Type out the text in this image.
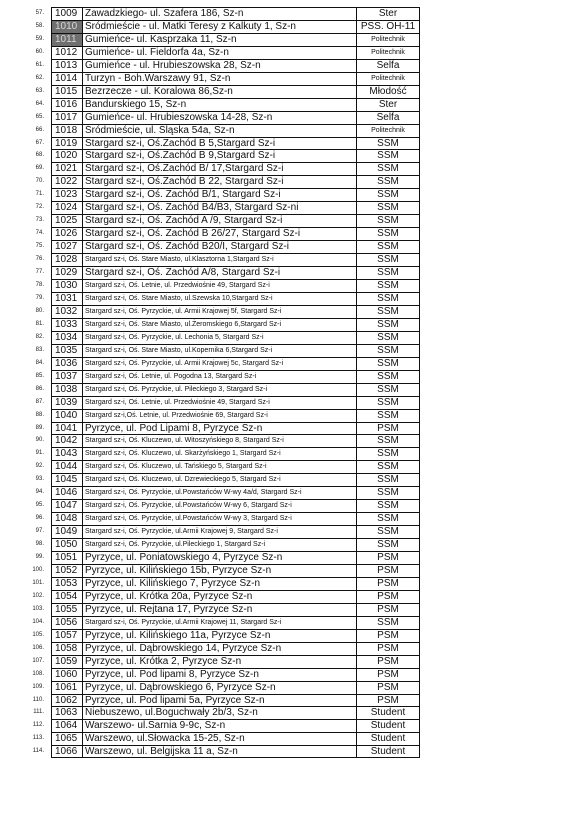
57.	1009 Zawadzkiego- ul. Szafera 186, Sz-n	Ster
58.	1010 Śródmieście - ul. Matki Teresy z Kalkuty 1, Sz-n	PSS. OH-11
59.	1011 Gumieńce- ul. Kasprzaka 11, Sz-n	Politechnik
60.	1012 Gumieńce- ul. Fieldorfa 4a, Sz-n	Politechnik
61.	1013 Gumieńce - ul. Hrubieszowska 28, Sz-n	Selfa
62.	1014 Turzyn - Boh.Warszawy 91, Sz-n	Politechnik
63.	1015 Bezrzecze - ul. Koralowa 86,Sz-n	Młodość
64.	1016 Bandurskiego 15, Sz-n	Ster
65.	1017 Gumieńce- ul. Hrubieszowska 14-28, Sz-n	Selfa
66.	1018 Śródmieście, ul. Śląska 54a, Sz-n	Politechnik
67.	1019 Stargard sz-i, Oś.Zachód B 5,Stargard Sz-i	SSM
68.	1020 Stargard sz-i, Oś.Zachód B 9,Stargard Sz-i	SSM
69.	1021 Stargard sz-i, Oś.Zachód B/ 17,Stargard Sz-i	SSM
70.	1022 Stargard sz-i, Oś.Zachód B 22, Stargard Sz-i	SSM
71.	1023 Stargard sz-i, Oś. Zachód B/1, Stargard Sz-i	SSM
72.	1024 Stargard sz-i, Oś. Zachód B4/B3, Stargard Sz-ni	SSM
73.	1025 Stargard sz-i, Oś. Zachód A /9, Stargard Sz-i	SSM
74.	1026 Stargard sz-i, Oś. Zachód B 26/27, Stargard Sz-i	SSM
75.	1027 Stargard sz-i, Oś. Zachód B20/I, Stargard Sz-i	SSM
76.	1028	Stargard sz-i, Oś. Stare Miasto, ul.Klasztorna 1,Stargard Sz-i	SSM
77.	1029 Stargard sz-i, Oś. Zachód A/8, Stargard Sz-i	SSM
78.	1030	Stargard sz-i, Oś. Letnie, ul. Przedwiośnie 49, Stargard Sz-i	SSM
79.	1031	Stargard sz-i, Oś. Stare Miasto, ul.Szewska 10,Stargard Sz-i	SSM
80.	1032	Stargard sz-i, Oś. Pyrzyckie, ul. Armii Krajowej 5f, Stargard Sz-i	SSM
81.	1033	Stargard sz-i, Oś. Stare Miasto, ul.Żeromskiego 6,Stargard Sz-i	SSM
82.	1034	Stargard sz-i, Oś. Pyrzyckie, ul. Lechonia 5, Stargard Sz-i	SSM
83.	1035	Stargard sz-i, Oś. Stare Miasto, ul.Kopernika 6,Stargard Sz-i	SSM
84.	1036	Stargard sz-i, Oś. Pyrzyckie, ul. Armii Krajowej 5c, Stargard Sz-i	SSM
85.	1037	Stargard sz-i, Oś. Letnie, ul. Pogodna 13, Stargard Sz-i	SSM
86.	1038	Stargard sz-i, Oś. Pyrzyckie, ul. Pileckiego 3, Stargard Sz-i	SSM
87.	1039	Stargard sz-i, Oś. Letnie, ul. Przedwiośnie 49, Stargard Sz-i	SSM
88.	1040	Stargard sz-i,Oś. Letnie, ul. Przedwiośnie 69, Stargard Sz-i	SSM
89.	1041 Pyrzyce, ul. Pod Lipami 8, Pyrzyce Sz-n	PSM
90.	1042	Stargard sz-i, Oś. Kluczewo, ul. Witoszyńskiego 8, Stargard Sz-i	SSM
91.	1043	Stargard sz-i, Oś. Kluczewo, ul. Skarżyńskiego 1, Stargard Sz-i	SSM
92.	1044	Stargard sz-i, Oś. Kluczewo, ul. Tańskiego 5, Stargard Sz-i	SSM
93.	1045	Stargard sz-i, Oś. Kluczewo, ul. Dzrewieckiego 5, Stargard Sz-i	SSM
94.	1046	Stargard sz-i, Oś. Pyrzyckie, ul.Powstańców W-wy 4a/d, Stargard Sz-i	SSM
95.	1047	Stargard sz-i, Oś. Pyrzyckie, ul.Powstańców W-wy 6, Stargard Sz-i	SSM
96.	1048	Stargard sz-i, Oś. Pyrzyckie, ul.Powstańców W-wy 3, Stargard Sz-i	SSM
97.	1049	Stargard sz-i, Oś. Pyrzyckie, ul.Armii Krajowej 9, Stargard Sz-i	SSM
98.	1050	Stargard sz-i, Oś. Pyrzyckie, ul.Pileckiego 1, Stargard Sz-i	SSM
99.	1051 Pyrzyce, ul. Poniatowskiego 4, Pyrzyce Sz-n	PSM
100.	1052 Pyrzyce, ul. Kilińskiego 15b, Pyrzyce Sz-n	PSM
101.	1053 Pyrzyce, ul. Kilińskiego 7, Pyrzyce Sz-n	PSM
102.	1054 Pyrzyce, ul. Krótka 20a, Pyrzyce Sz-n	PSM
103.	1055 Pyrzyce, ul. Rejtana 17, Pyrzyce Sz-n	PSM
104.	1056	Stargard sz-i, Oś. Pyrzyckie, ul.Armii Krajowej 11, Stargard Sz-i	SSM
105.	1057 Pyrzyce, ul. Kilińskiego 11a, Pyrzyce Sz-n	PSM
106.	1058 Pyrzyce, ul. Dąbrowskiego 14, Pyrzyce Sz-n	PSM
107.	1059 Pyrzyce, ul. Krótka 2, Pyrzyce Sz-n	PSM
108.	1060 Pyrzyce, ul. Pod lipami 8, Pyrzyce Sz-n	PSM
109.	1061 Pyrzyce, ul. Dąbrowskiego 6, Pyrzyce Sz-n	PSM
110.	1062 Pyrzyce, ul. Pod lipami 5a, Pyrzyce Sz-n	PSM
111.	1063 Niebuszewo, ul.Boguchwały 2b/3, Sz-n	Student
112.	1064 Warszewo- ul.Sarnia 9-9c, Sz-n	Student
113.	1065 Warszewo, ul.Słowacka 15-25, Sz-n	Student
114.	1066 Warszewo, ul. Belgijska 11 a, Sz-n	Student
